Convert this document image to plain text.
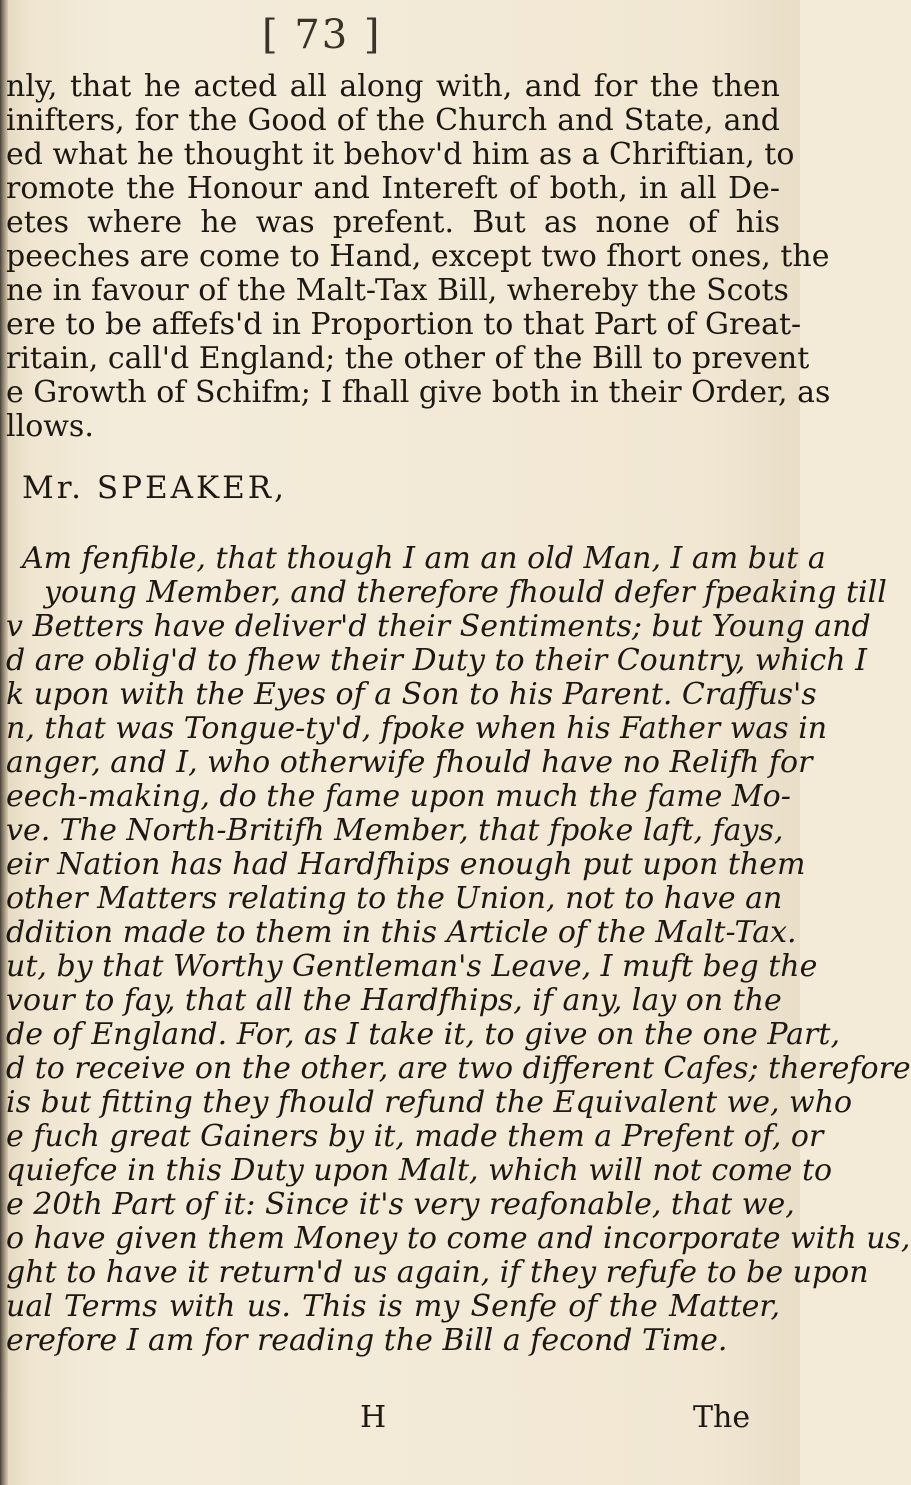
[ 73 ]
nly, that he acted all along with, and for the then
inifters, for the Good of the Church and State, and
ed what he thought it behov'd him as a Chriftian, to
romote the Honour and Intereft of both, in all De-
etes where he was prefent. But as none of his
peeches are come to Hand, except two fhort ones, the
ne in favour of the Malt-Tax Bill, whereby the Scots
ere to be affefs'd in Proportion to that Part of Great-
ritain, call'd England; the other of the Bill to prevent
e Growth of Schifm; I fhall give both in their Order, as
llows.
Mr. SPEAKER,
Am fenfible, that though I am an old Man, I am but a
young Member, and therefore fhould defer fpeaking till
v Betters have deliver'd their Sentiments; but Young and
d are oblig'd to fhew their Duty to their Country, which I
k upon with the Eyes of a Son to his Parent. Craffus's
n, that was Tongue-ty'd, fpoke when his Father was in
anger, and I, who otherwife fhould have no Relifh for
eech-making, do the fame upon much the fame Mo-
ve. The North-Britifh Member, that fpoke laft, fays,
eir Nation has had Hardfhips enough put upon them
other Matters relating to the Union, not to have an
ddition made to them in this Article of the Malt-Tax.
ut, by that Worthy Gentleman's Leave, I muft beg the
vour to fay, that all the Hardfhips, if any, lay on the
de of England. For, as I take it, to give on the one Part,
d to receive on the other, are two different Cafes; therefore
is but fitting they fhould refund the Equivalent we, who
e fuch great Gainers by it, made them a Prefent of, or
quiefce in this Duty upon Malt, which will not come to
e 20th Part of it: Since it's very reafonable, that we,
o have given them Money to come and incorporate with us,
ght to have it return'd us again, if they refufe to be upon
ual Terms with us. This is my Senfe of the Matter,
erefore I am for reading the Bill a fecond Time.
H	The
